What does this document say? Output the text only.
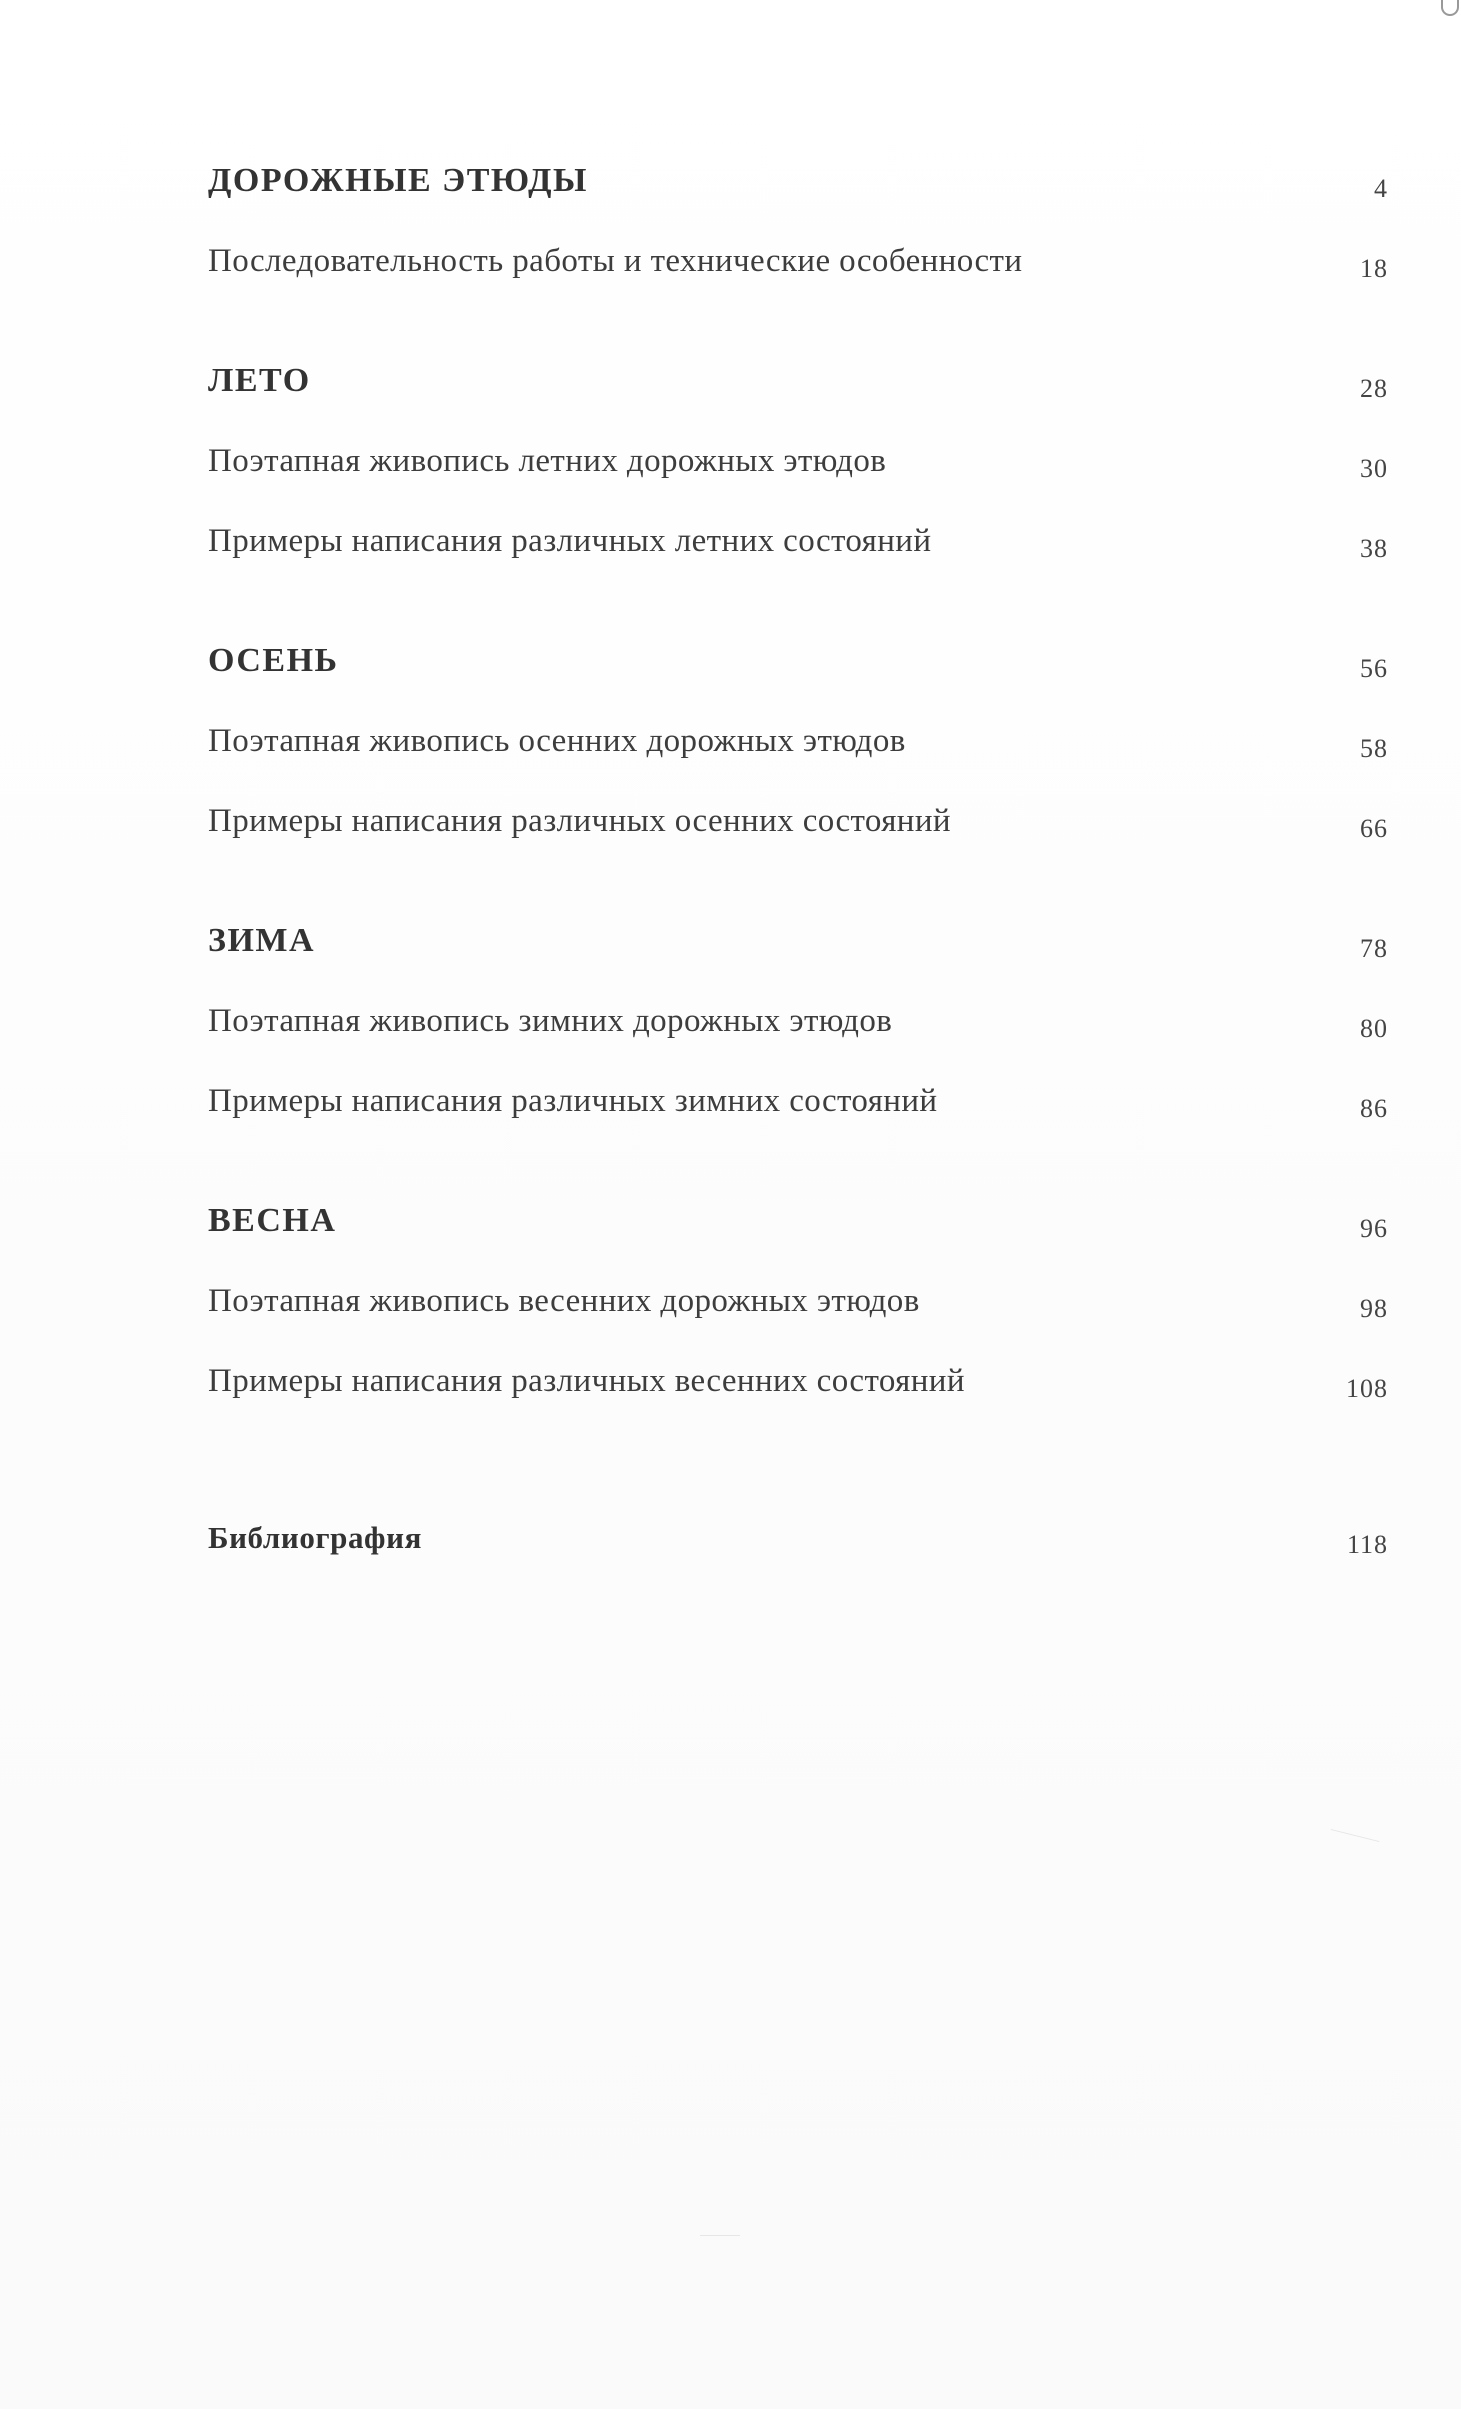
ДОРОЖНЫЕ ЭТЮДЫ	4
Последовательность работы и технические особенности	18
ЛЕТО	28
Поэтапная живопись летних дорожных этюдов	30
Примеры написания различных летних состояний	38
ОСЕНЬ	56
Поэтапная живопись осенних дорожных этюдов	58
Примеры написания различных осенних состояний	66
ЗИМА	78
Поэтапная живопись зимних дорожных этюдов	80
Примеры написания различных зимних состояний	86
ВЕСНА	96
Поэтапная живопись весенних дорожных этюдов	98
Примеры написания различных весенних состояний	108
Библиография	118
